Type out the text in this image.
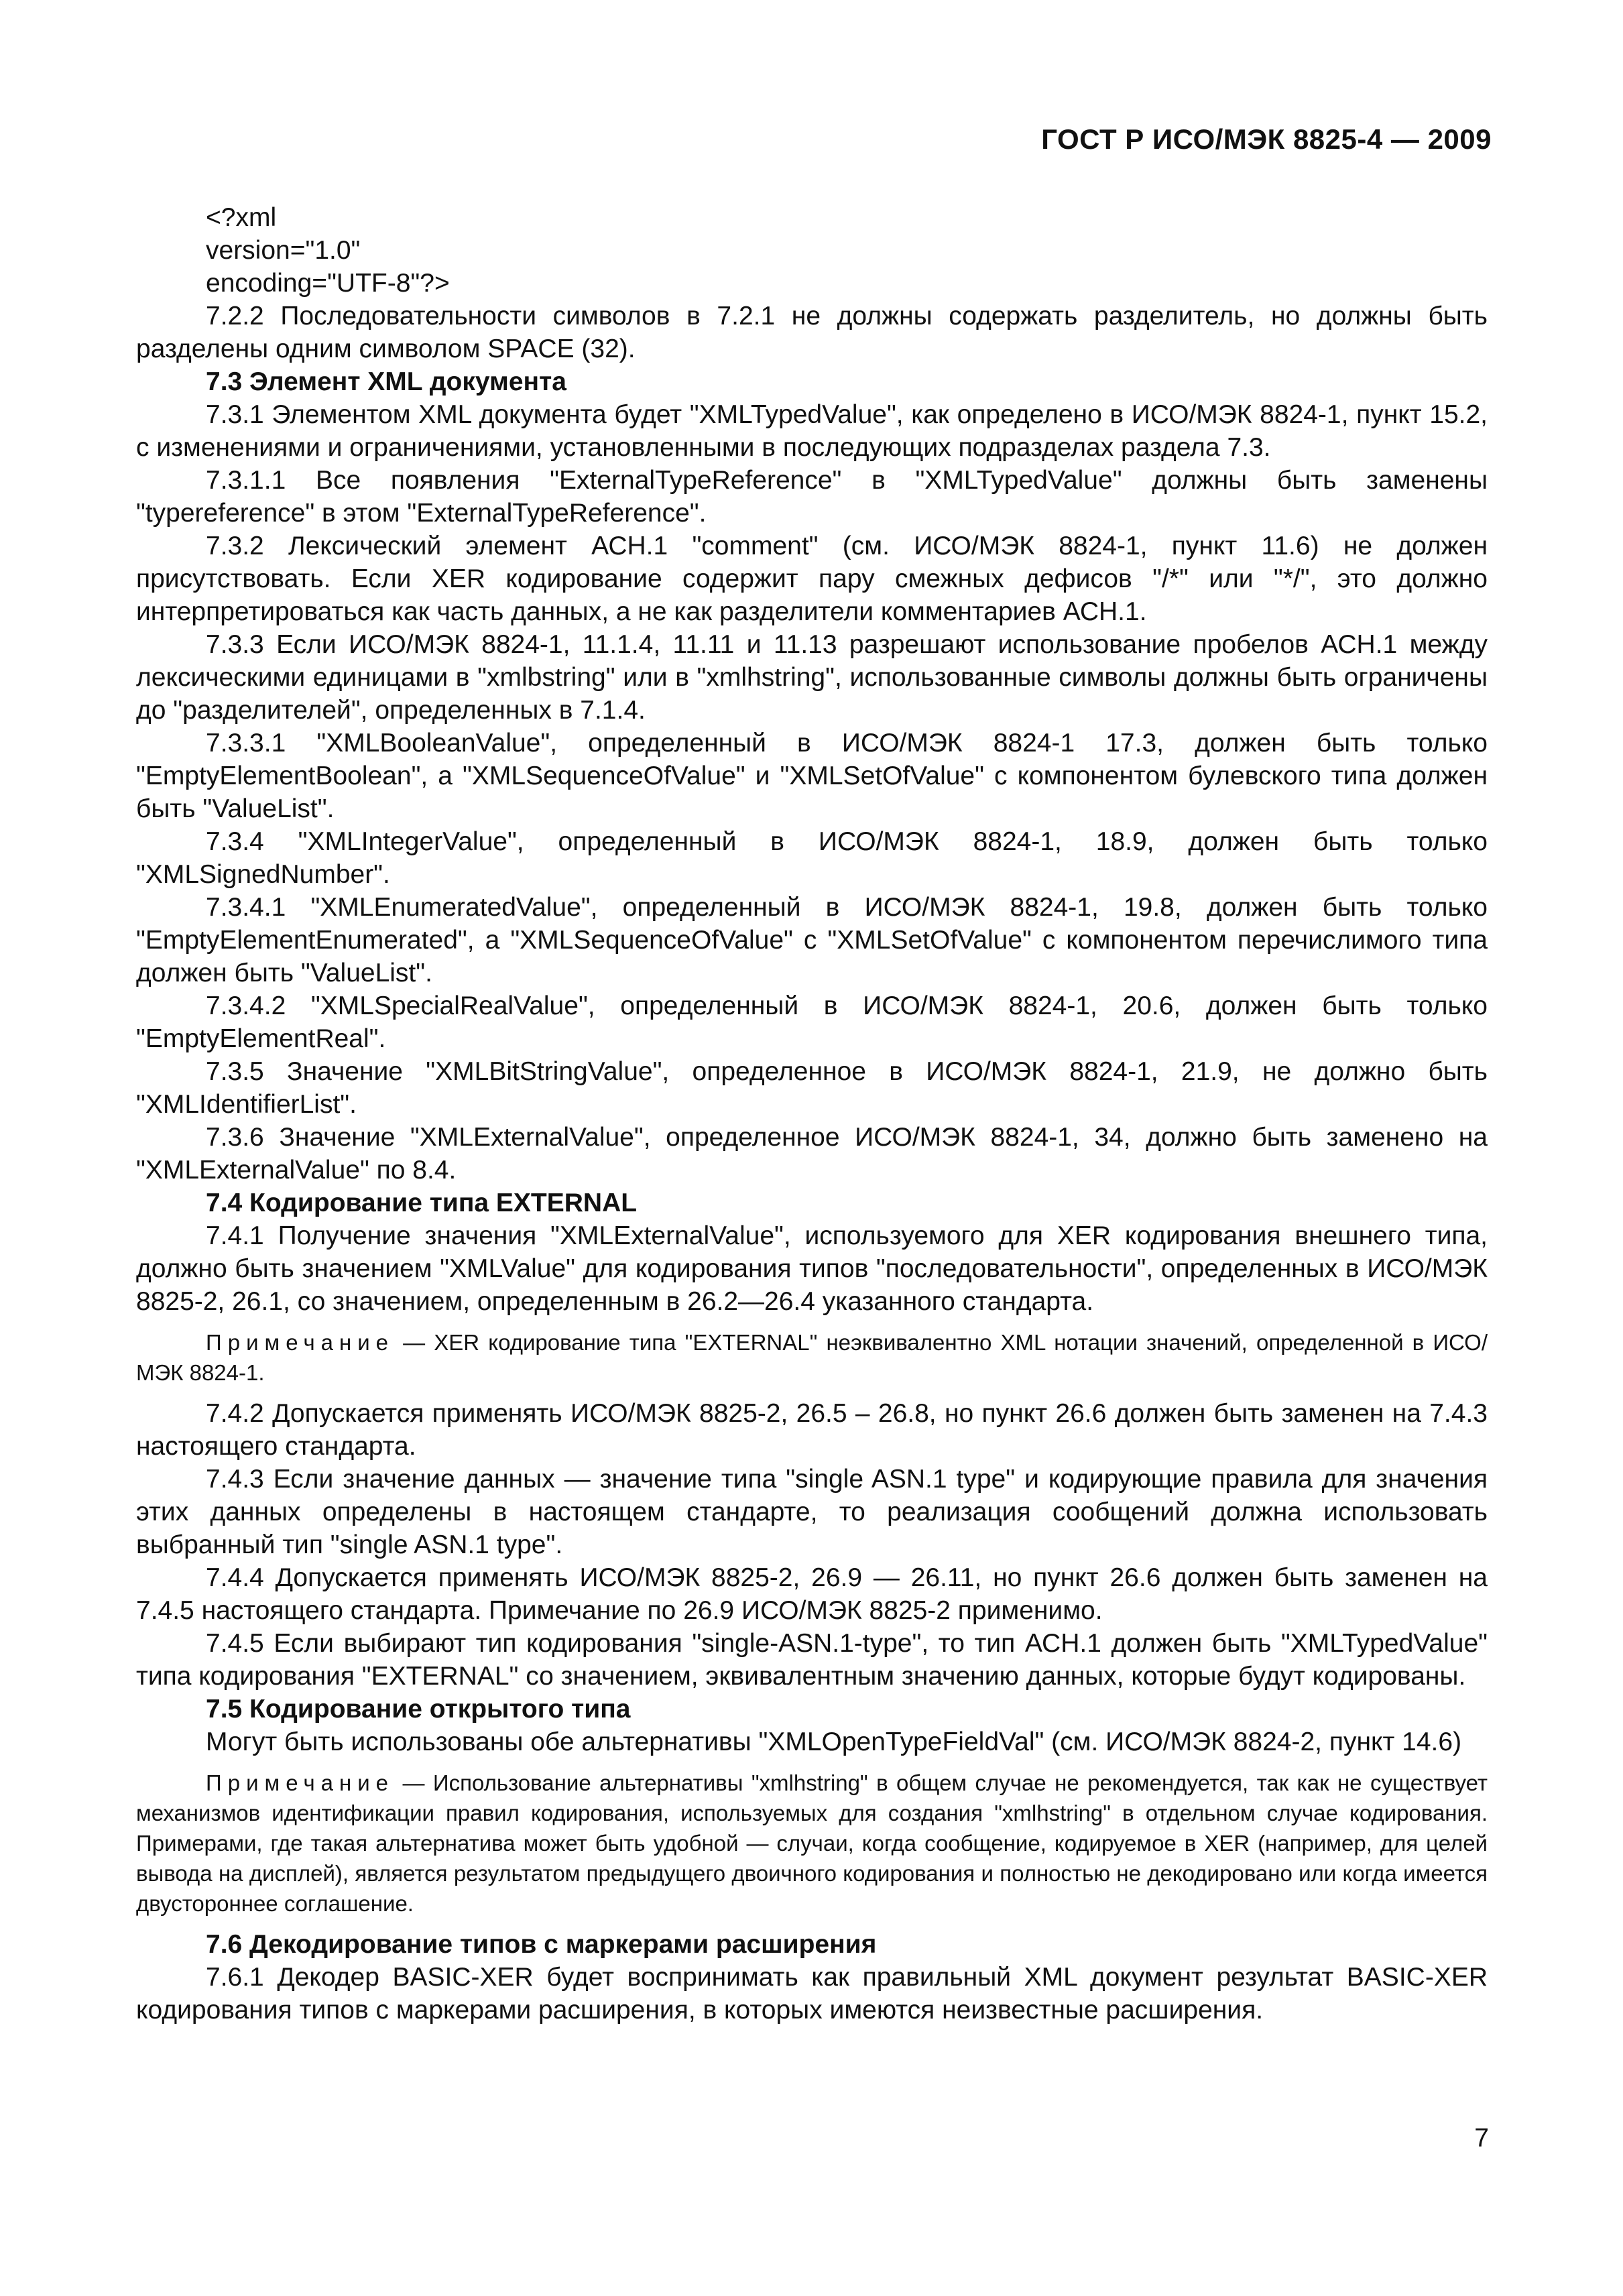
ГОСТ Р ИСО/МЭК 8825-4 — 2009
<?xml
version="1.0"
encoding="UTF-8"?>

7.2.2 Последовательности символов в 7.2.1 не должны содержать разделитель, но должны быть разделены одним символом SPACE (32).

7.3 Элемент XML документа

7.3.1 Элементом XML документа будет "XMLTypedValue", как определено в ИСО/МЭК 8824-1, пункт 15.2, с изменениями и ограничениями, установленными в последующих подразделах раздела 7.3.

7.3.1.1 Все появления "ExternalTypeReference" в "XMLTypedValue" должны быть заменены "typereference" в этом "ExternalTypeReference".

7.3.2 Лексический элемент АСН.1 "comment" (см. ИСО/МЭК 8824-1, пункт 11.6) не должен присутствовать. Если XER кодирование содержит пару смежных дефисов "/*" или "*/", это должно интерпретироваться как часть данных, а не как разделители комментариев АСН.1.

7.3.3 Если ИСО/МЭК 8824-1, 11.1.4, 11.11 и 11.13 разрешают использование пробелов АСН.1 между лексическими единицами в "xmlbstring" или в "xmlhstring", использованные символы должны быть ограничены до "разделителей", определенных в 7.1.4.

7.3.3.1 "XMLBooleanValue", определенный в ИСО/МЭК 8824-1 17.3, должен быть только "EmptyElementBoolean", а "XMLSequenceOfValue" и "XMLSetOfValue" с компонентом булевского типа должен быть "ValueList".

7.3.4 "XMLIntegerValue", определенный в ИСО/МЭК 8824-1, 18.9, должен быть только "XMLSignedNumber".

7.3.4.1 "XMLEnumeratedValue", определенный в ИСО/МЭК 8824-1, 19.8, должен быть только "EmptyElementEnumerated", а "XMLSequenceOfValue" с "XMLSetOfValue" с компонентом перечислимого типа должен быть "ValueList".

7.3.4.2 "XMLSpecialRealValue", определенный в ИСО/МЭК 8824-1, 20.6, должен быть только "EmptyElementReal".

7.3.5 Значение "XMLBitStringValue", определенное в ИСО/МЭК 8824-1, 21.9, не должно быть "XMLIdentifierList".

7.3.6 Значение "XMLExternalValue", определенное ИСО/МЭК 8824-1, 34, должно быть заменено на "XMLExternalValue" по 8.4.

7.4 Кодирование типа EXTERNAL

7.4.1 Получение значения "XMLExternalValue", используемого для XER кодирования внешнего типа, должно быть значением "XMLValue" для кодирования типов "последовательности", определенных в ИСО/МЭК 8825-2, 26.1, со значением, определенным в 26.2—26.4 указанного стандарта.

Примечание — XER кодирование типа "EXTERNAL" неэквивалентно XML нотации значений, определенной в ИСО/МЭК 8824-1.

7.4.2 Допускается применять ИСО/МЭК 8825-2, 26.5 – 26.8, но пункт 26.6 должен быть заменен на 7.4.3 настоящего стандарта.

7.4.3 Если значение данных — значение типа "single ASN.1 type" и кодирующие правила для значения этих данных определены в настоящем стандарте, то реализация сообщений должна использовать выбранный тип "single ASN.1 type".

7.4.4 Допускается применять ИСО/МЭК 8825-2, 26.9 — 26.11, но пункт 26.6 должен быть заменен на 7.4.5 настоящего стандарта. Примечание по 26.9 ИСО/МЭК 8825-2 применимо.

7.4.5 Если выбирают тип кодирования "single-ASN.1-type", то тип АСН.1 должен быть "XMLTypedValue" типа кодирования "EXTERNAL" со значением, эквивалентным значению данных, которые будут кодированы.

7.5 Кодирование открытого типа

Могут быть использованы обе альтернативы "XMLOpenTypeFieldVal" (см. ИСО/МЭК 8824-2, пункт 14.6)

Примечание — Использование альтернативы "xmlhstring" в общем случае не рекомендуется, так как не существует механизмов идентификации правил кодирования, используемых для создания "xmlhstring" в отдельном случае кодирования. Примерами, где такая альтернатива может быть удобной — случаи, когда сообщение, кодируемое в XER (например, для целей вывода на дисплей), является результатом предыдущего двоичного кодирования и полностью не декодировано или когда имеется двустороннее соглашение.

7.6 Декодирование типов с маркерами расширения

7.6.1 Декодер BASIC-XER будет воспринимать как правильный XML документ результат BASIC-XER кодирования типов с маркерами расширения, в которых имеются неизвестные расширения.

7
